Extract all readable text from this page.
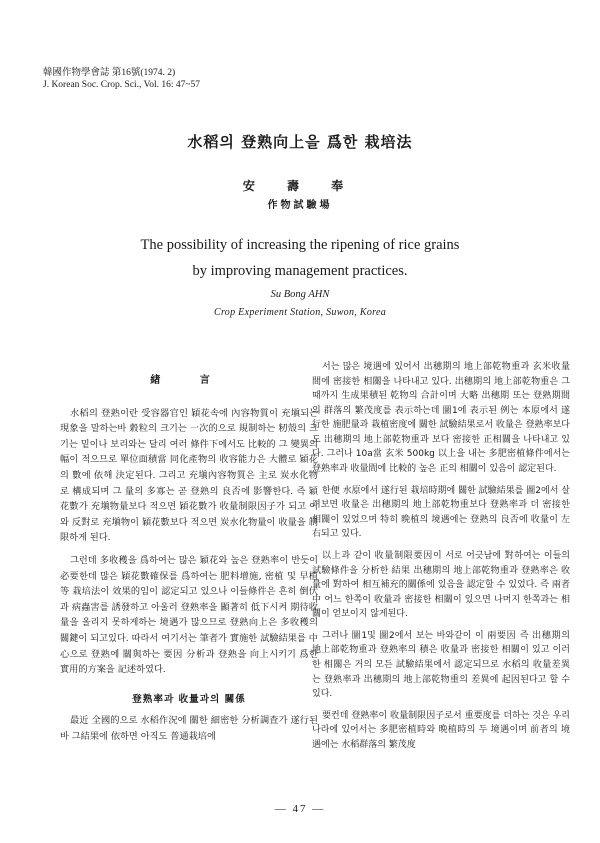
韓國作物學會誌 第16號(1974. 2)
J. Korean Soc. Crop. Sci., Vol. 16: 47~57
水稻의 登熟向上을 爲한 栽培法
安 壽 奉
作物試驗場
The possibility of increasing the ripening of rice grains
by improving management practices.
Su Bong AHN
Crop Experiment Station, Suwon, Korea
緖 言

水稻의 登熟이란 受容器官인 穎花속에 內容物質이 充塡되는 現象을 말하는바 穀粒의 크기는 一次的으로 規制하는 籾殼의 크기는 밑이나 보리와는 달리 여러 條件下에서도 比較的 그 變異의 幅이 적으므로 單位面積當 同化產物의 收容能力은 大體로 穎花의 數에 依해 決定된다. 그리고 充塡內容物質은 主로 炭水化物로 構成되며 그 量의 多寡는 곧 登熟의 良否에 影響한다. 즉 穎花數가 充塡物量보다 적으면 穎花數가 收量制限因子가 되고 이와 反對로 充塡物이 穎花數보다 적으면 炭水化物量이 收量을 制限하게 된다.

그런데 多收穫을 爲하여는 많은 穎花와 높은 登熟率이 반듯이 必要한데 많은 穎花數確保를 爲하여는 肥料增施, 密植 및 早植等 栽培法이 效果的임이 認定되고 있으나 이들條件은 흔히 倒伏과 病蟲害를 誘發하고 아울러 登熟率을 顯著히 低下시켜 期待收量을 올리지 못하게하는 境遇가 많으므로 登熟向上은 多收穫의 關鍵이 되고있다. 따라서 여기서는 筆者가 實施한 試驗結果를 中心으로 登熟에 關與하는 要因 分析과 登熟을 向上시키기 爲한 實用的方案을 記述하였다.

登熟率과 收量과의 關係

最近 全國的으로 水稻作況에 關한 細密한 分析調査가 遂行된바 그結果에 依하면 아직도 普通栽培에

서는 많은 境遇에 있어서 出穗期의 地上部乾物重과 玄米收量間에 密接한 相關을 나타내고 있다. 出穗期의 地上部乾物重은 그때까지 生成果積된 乾物의 合計이며 大略 出穗期 또는 登熟期間의 群落의 繁茂度를 表示하는데 圖1에 表示된 例는 本原에서 遂行한 施肥量과 栽植密度에 關한 試驗結果로서 收量은 登熟率보다도 出穗期의 地上部乾物重과 보다 密接한 正相關을 나타내고 있다. 그러나 10a當 玄米 500kg 以上을 내는 多肥密植條件에서는 登熟率과 收量間에 比較的 높은 正의 相關이 있음이 認定된다.

한便 水原에서 遂行된 栽培時期에 關한 試驗結果를 圖2에서 살펴보면 收量은 出穗期의 地上部乾物重보다 登熟率과 더 密接한 相關이 있었으며 特히 晩植의 境遇에는 登熟의 良否에 收量이 左右되고 있다.

以上과 같이 收量制限要因이 서로 어긋남에 對하여는 이들의 試驗條件을 分析한 結果 出穗期의 地上部乾物重과 登熟率은 收量에 對하여 相互補充的關係에 있음을 認定할 수 있었다. 즉 兩者中 어느 한쪽이 收量과 密接한 相關이 있으면 나머지 한쪽과는 相關이 얻보이지 않게된다.

그러나 圖1및 圖2에서 보는 바와같이 이 兩要因 즉 出穗期의 地上部乾物重과 登熟率의 積은 收量과 密接한 相關이 있고 이러한 相關은 거의 모든 試驗結果에서 認定되므로 水稻의 收量差異는 登熟率과 出穗期의 地上部乾物重의 差異에 起因된다고 할 수 있다.

要컨데 登熟率이 收量制限因子로서 重要度를 더하는 것은 우리나라에 있어서는 多肥密植時와 晩植時의 두 境遇이며 前者의 境遇에는 水稻群落의 繁茂度

— 47 —
